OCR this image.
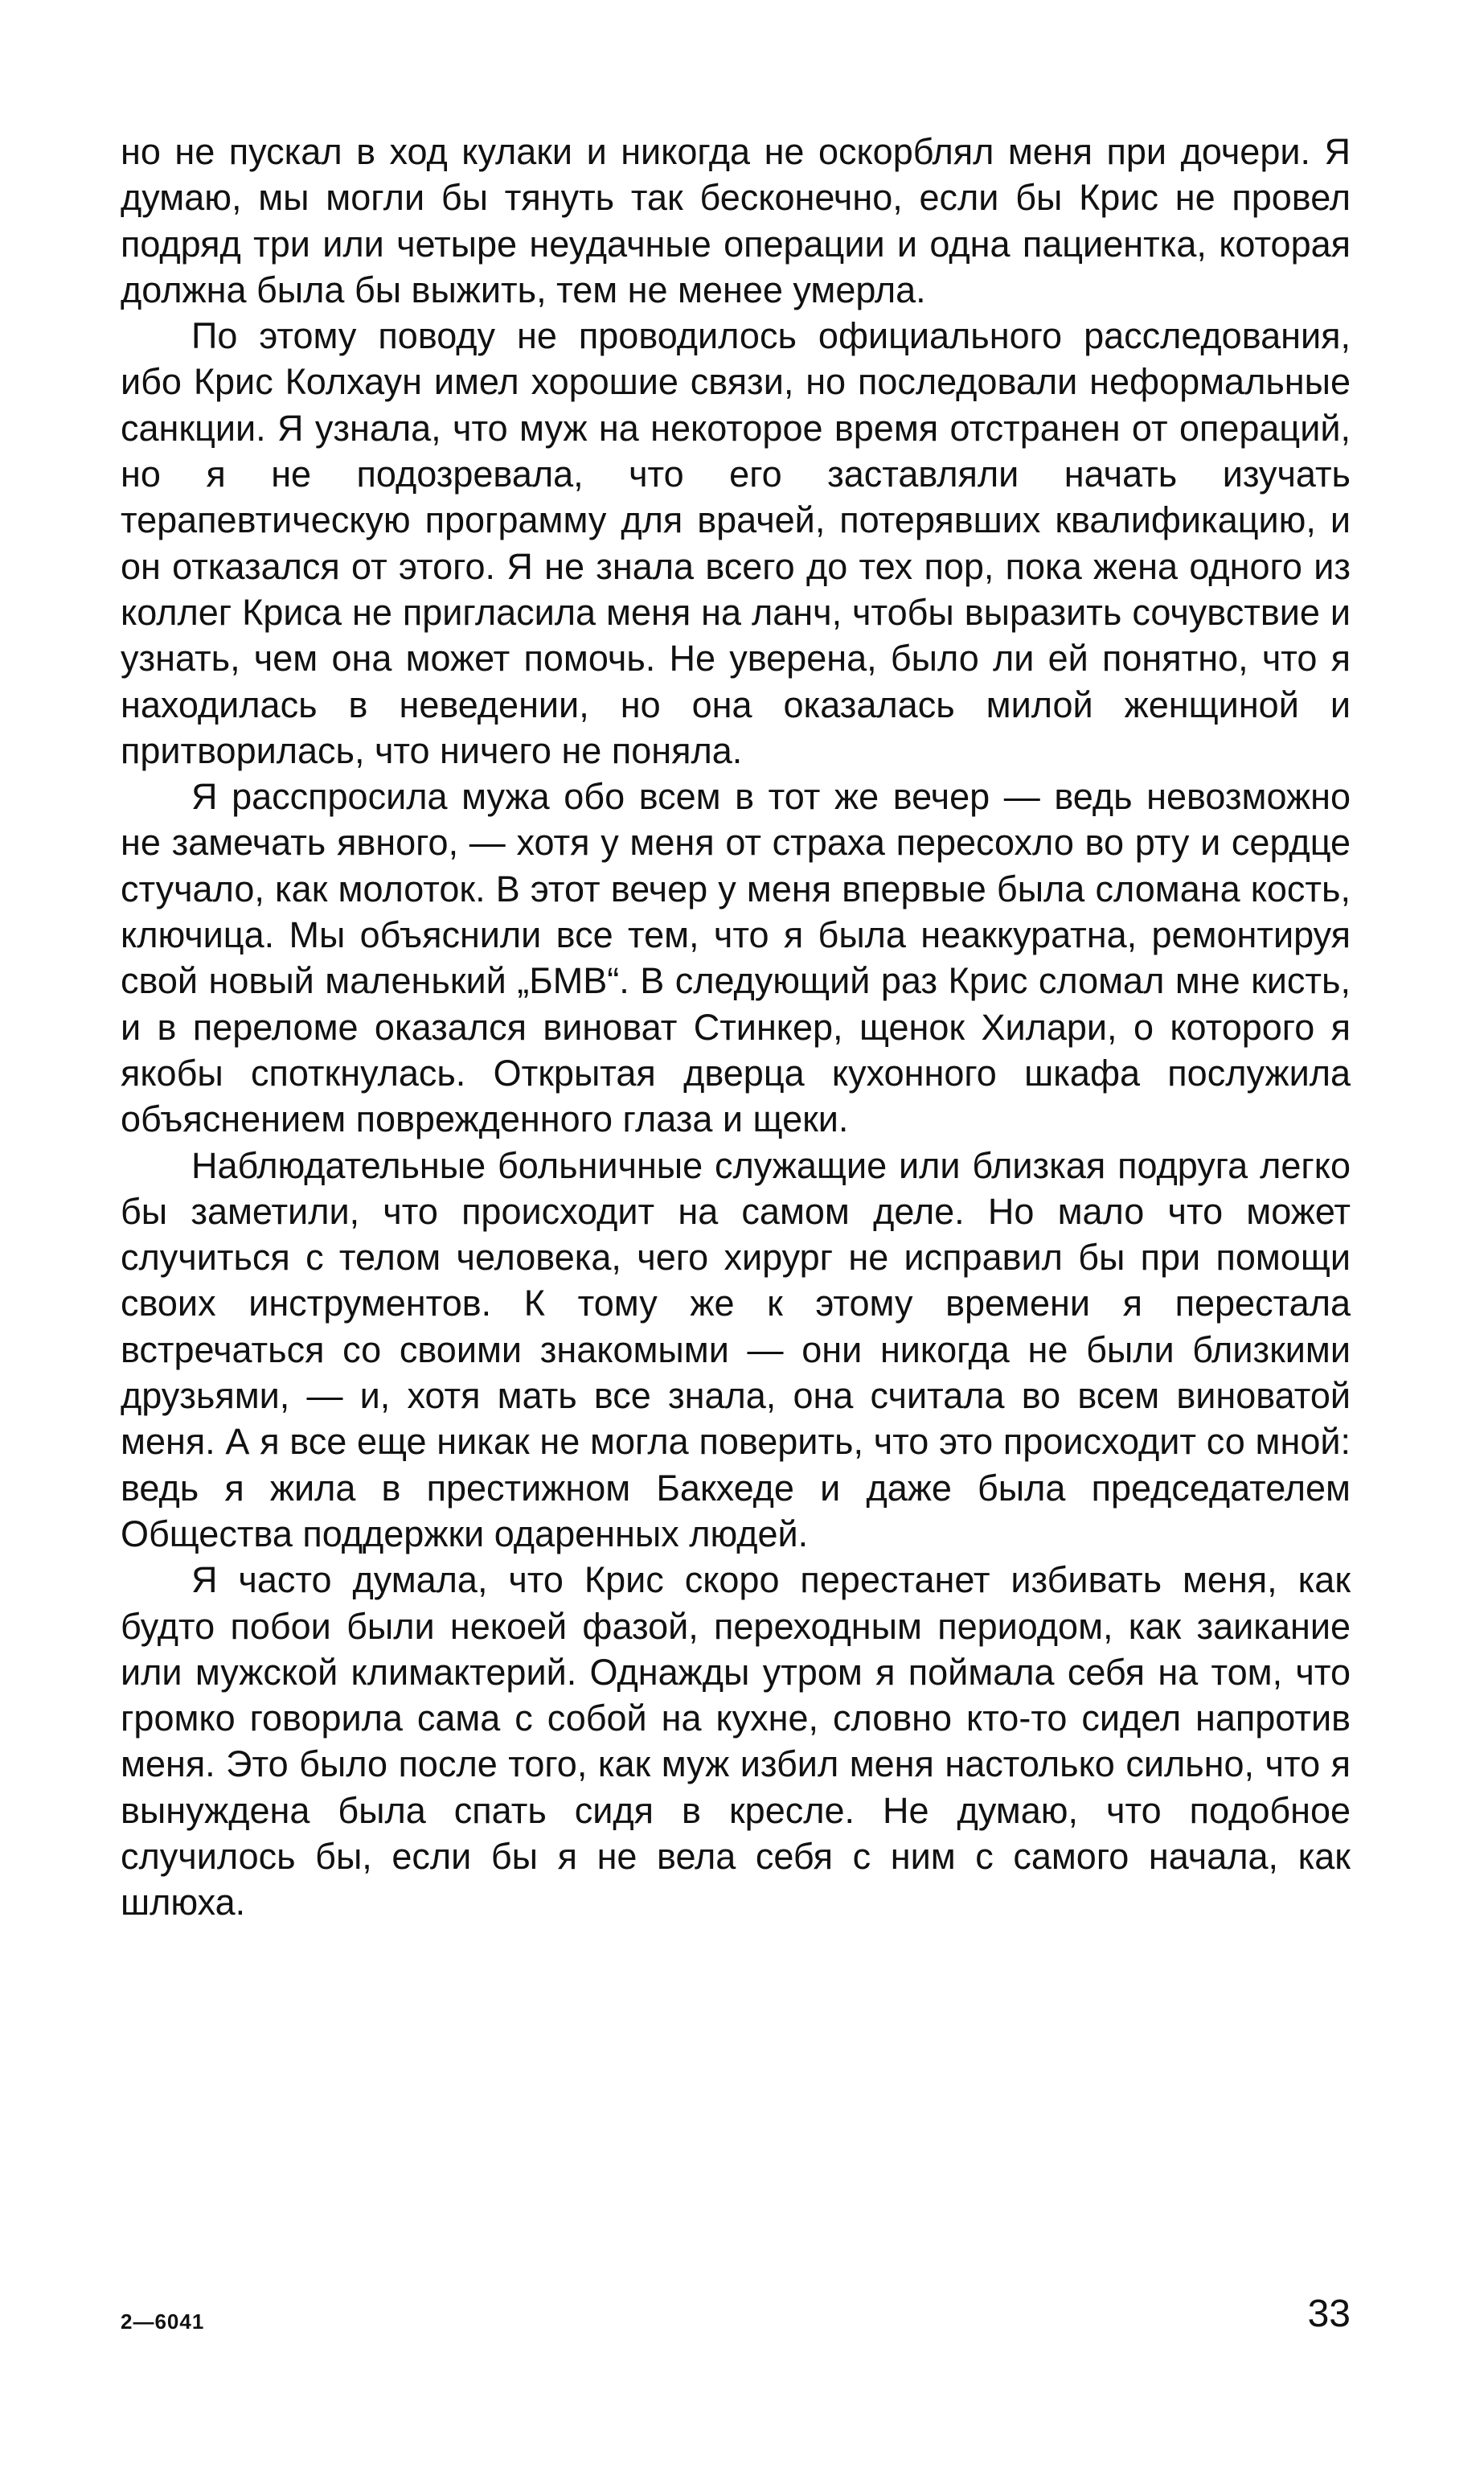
но не пускал в ход кулаки и никогда не оскорблял меня при дочери. Я думаю, мы могли бы тянуть так бесконечно, если бы Крис не провел подряд три или четыре неудачные операции и одна пациентка, которая должна была бы выжить, тем не менее умерла.

По этому поводу не проводилось официального расследования, ибо Крис Колхаун имел хорошие связи, но последовали неформальные санкции. Я узнала, что муж на некоторое время отстранен от операций, но я не подозревала, что его заставляли начать изучать терапевтическую программу для врачей, потерявших квалификацию, и он отказался от этого. Я не знала всего до тех пор, пока жена одного из коллег Криса не пригласила меня на ланч, чтобы выразить сочувствие и узнать, чем она может помочь. Не уверена, было ли ей понятно, что я находилась в неведении, но она оказалась милой женщиной и притворилась, что ничего не поняла.

Я расспросила мужа обо всем в тот же вечер — ведь невозможно не замечать явного, — хотя у меня от страха пересохло во рту и сердце стучало, как молоток. В этот вечер у меня впервые была сломана кость, ключица. Мы объяснили все тем, что я была неаккуратна, ремонтируя свой новый маленький „БМВ“. В следующий раз Крис сломал мне кисть, и в переломе оказался виноват Стинкер, щенок Хилари, о которого я якобы споткнулась. Открытая дверца кухонного шкафа послужила объяснением поврежденного глаза и щеки.

Наблюдательные больничные служащие или близкая подруга легко бы заметили, что происходит на самом деле. Но мало что может случиться с телом человека, чего хирург не исправил бы при помощи своих инструментов. К тому же к этому времени я перестала встречаться со своими знакомыми — они никогда не были близкими друзьями, — и, хотя мать все знала, она считала во всем виноватой меня. А я все еще никак не могла поверить, что это происходит со мной: ведь я жила в престижном Бакхеде и даже была председателем Общества поддержки одаренных людей.

Я часто думала, что Крис скоро перестанет избивать меня, как будто побои были некоей фазой, переходным периодом, как заикание или мужской климактерий. Однажды утром я поймала себя на том, что громко говорила сама с собой на кухне, словно кто-то сидел напротив меня. Это было после того, как муж избил меня настолько сильно, что я вынуждена была спать сидя в кресле. Не думаю, что подобное случилось бы, если бы я не вела себя с ним с самого начала, как шлюха.

2—6041	33
